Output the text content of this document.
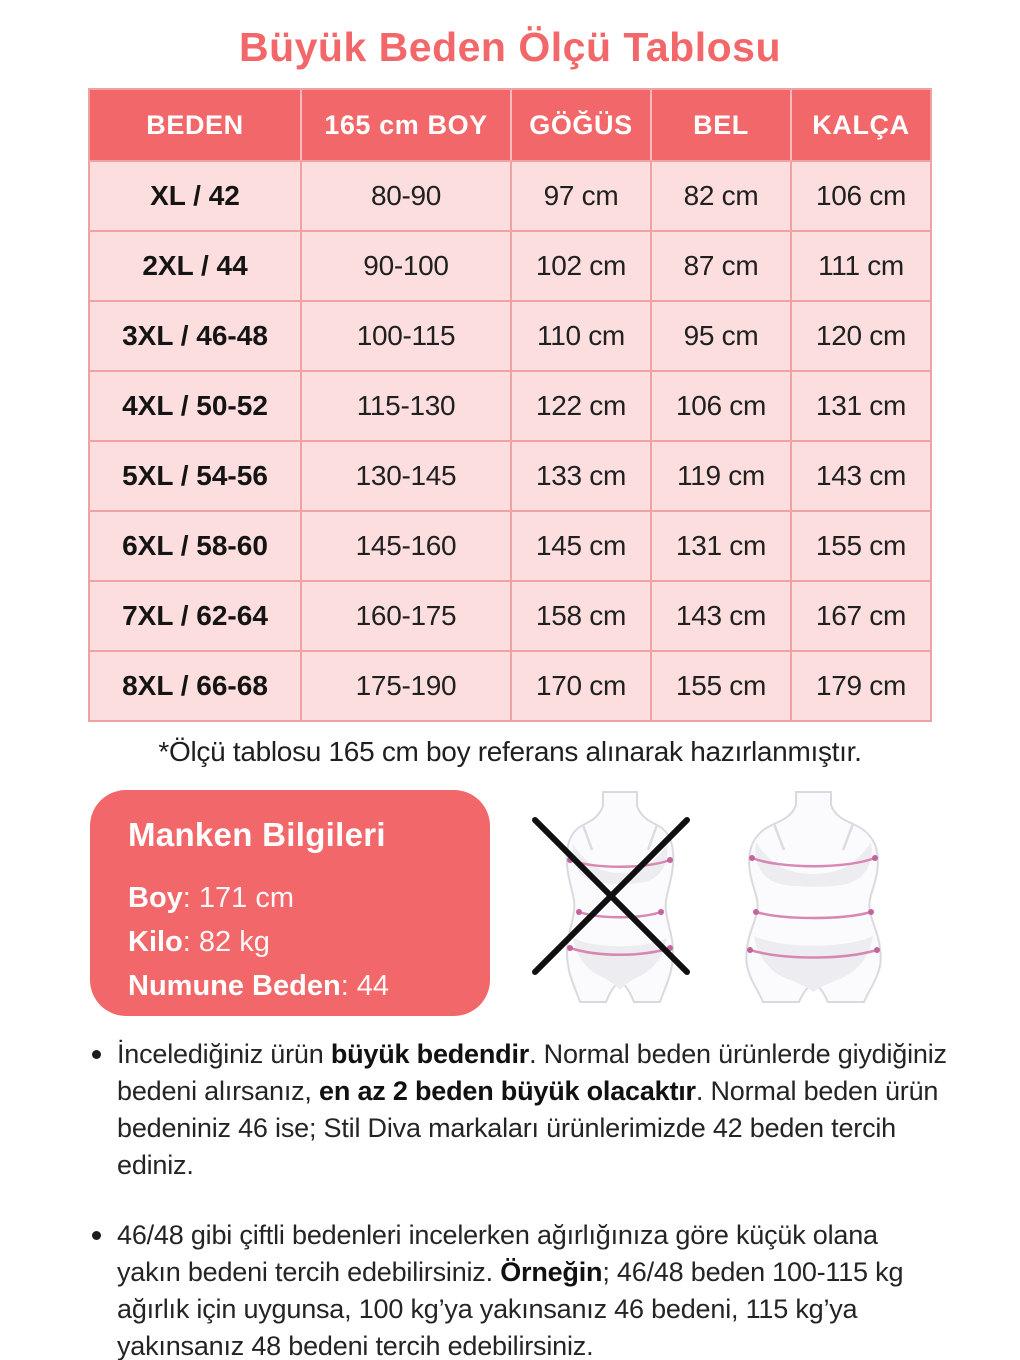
Büyük Beden Ölçü Tablosu
BEDEN	165 cm BOY	GÖĞÜS	BEL	KALÇA
XL / 42	80-90	97 cm	82 cm	106 cm
2XL / 44	90-100	102 cm	87 cm	111 cm
3XL / 46-48	100-115	110 cm	95 cm	120 cm
4XL / 50-52	115-130	122 cm	106 cm	131 cm
5XL / 54-56	130-145	133 cm	119 cm	143 cm
6XL / 58-60	145-160	145 cm	131 cm	155 cm
7XL / 62-64	160-175	158 cm	143 cm	167 cm
8XL / 66-68	175-190	170 cm	155 cm	179 cm

*Ölçü tablosu 165 cm boy referans alınarak hazırlanmıştır.

Manken Bilgileri
Boy: 171 cm
Kilo: 82 kg
Numune Beden: 44
İncelediğiniz ürün büyük bedendir. Normal beden ürünlerde giydiğiniz bedeni alırsanız, en az 2 beden büyük olacaktır. Normal beden ürün bedeniniz 46 ise; Stil Diva markaları ürünlerimizde 42 beden tercih ediniz.
46/48 gibi çiftli bedenleri incelerken ağırlığınıza göre küçük olana yakın bedeni tercih edebilirsiniz. Örneğin; 46/48 beden 100-115 kg ağırlık için uygunsa, 100 kg’ya yakınsanız 46 bedeni, 115 kg’ya yakınsanız 48 bedeni tercih edebilirsiniz.
